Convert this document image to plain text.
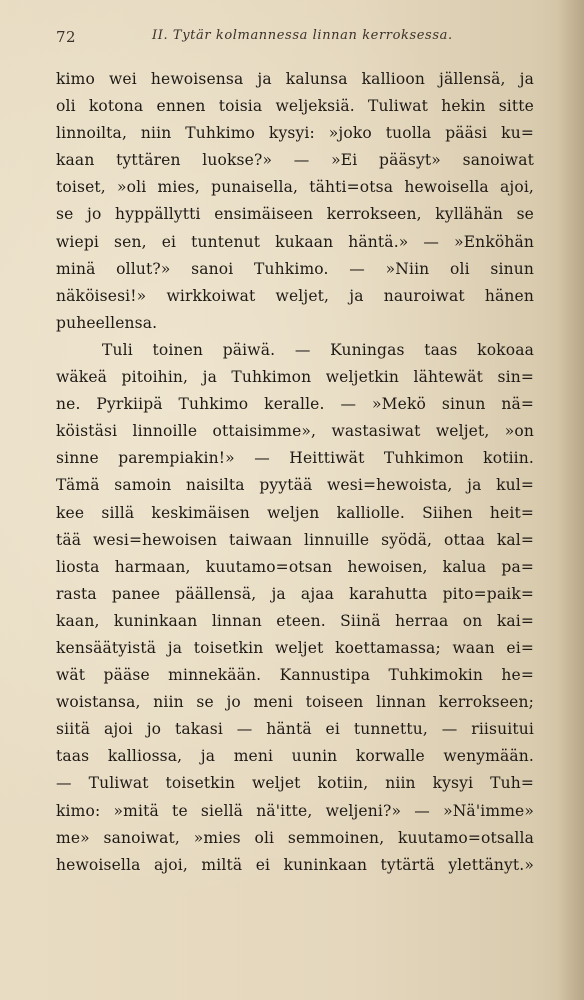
72	II. Tytär kolmannessa linnan kerroksessa.
kimo wei hewoisensa ja kalunsa kallioon jällensä, ja
oli kotona ennen toisia weljeksiä. Tuliwat hekin sitte
linnoilta, niin Tuhkimo kysyi: »joko tuolla pääsi ku=
kaan tyttären luokse?» — »Ei pääsyt» sanoiwat
toiset, »oli mies, punaisella, tähti=otsa hewoisella ajoi,
se jo hyppällytti ensimäiseen kerrokseen, kyllähän se
wiepi sen, ei tuntenut kukaan häntä.» — »Enköhän
minä ollut?» sanoi Tuhkimo. — »Niin oli sinun
näköisesi!» wirkkoiwat weljet, ja nauroiwat hänen
puheellensa.
Tuli toinen päiwä. — Kuningas taas kokoaa
wäkeä pitoihin, ja Tuhkimon weljetkin lähtewät sin=
ne. Pyrkiipä Tuhkimo keralle. — »Mekö sinun nä=
köistäsi linnoille ottaisimme», wastasiwat weljet, »on
sinne parempiakin!» — Heittiwät Tuhkimon kotiin.
Tämä samoin naisilta pyytää wesi=hewoista, ja kul=
kee sillä keskimäisen weljen kalliolle. Siihen heit=
tää wesi=hewoisen taiwaan linnuille syödä, ottaa kal=
liosta harmaan, kuutamo=otsan hewoisen, kalua pa=
rasta panee päällensä, ja ajaa karahutta pito=paik=
kaan, kuninkaan linnan eteen. Siinä herraa on kai=
kensäätyistä ja toisetkin weljet koettamassa; waan ei=
wät pääse minnekään. Kannustipa Tuhkimokin he=
woistansa, niin se jo meni toiseen linnan kerrokseen;
siitä ajoi jo takasi — häntä ei tunnettu, — riisuitui
taas kalliossa, ja meni uunin korwalle wenymään.
— Tuliwat toisetkin weljet kotiin, niin kysyi Tuh=
kimo: »mitä te siellä nä'itte, weljeni?» — »Nä'imme»
me» sanoiwat, »mies oli semmoinen, kuutamo=otsalla
hewoisella ajoi, miltä ei kuninkaan tytärtä ylettänyt.»
